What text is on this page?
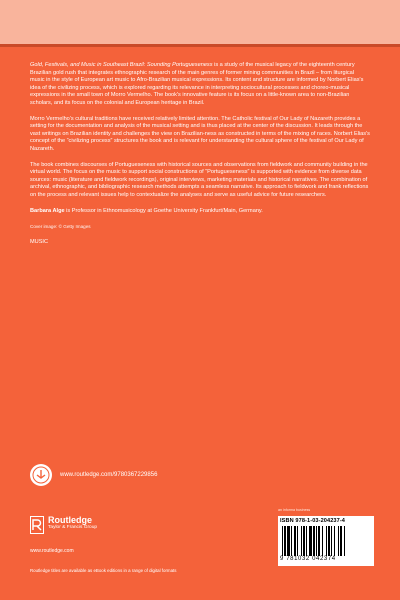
Gold, Festivals, and Music in Southeast Brazil: Sounding Portugueseness is a study of the musical legacy of the eighteenth century Brazilian gold rush that integrates ethnographic research of the main genres of former mining communities in Brazil – from liturgical music in the style of European art music to Afro-Brazilian musical expressions. Its content and structure are informed by Norbert Elias's idea of the civilizing process, which is explored regarding its relevance in interpreting sociocultural processes and choreo-musical expressions in the small town of Morro Vermelho. The book's innovative feature is its focus on a little-known area to non-Brazilian scholars, and its focus on the colonial and European heritage in Brazil.

Morro Vermelho's cultural traditions have received relatively limited attention. The Catholic festival of Our Lady of Nazareth provides a setting for the documentation and analysis of the musical setting and is thus placed at the center of the discussion. It leads through the vast writings on Brazilian identity and challenges the view on Brazilian-ness as constructed in terms of the mixing of races. Norbert Elias's concept of the “civilizing process” structures the book and is relevant for understanding the cultural sphere of the festival of Our Lady of Nazareth.

The book combines discourses of Portugueseness with historical sources and observations from fieldwork and community building in the virtual world. The focus on the music to support social constructions of “Portugueseness” is supported with evidence from diverse data sources: music (literature and fieldwork recordings), original interviews, marketing materials and historical narratives. The combination of archival, ethnographic, and bibliographic research methods attempts a seamless narrative. Its approach to fieldwork and frank reflections on the process and relevant issues help to contextualize the analyses and serve as useful advice for future researchers.

Barbara Alge is Professor in Ethnomusicology at Goethe University Frankfurt/Main, Germany.

Cover image: © Getty Images

MUSIC

www.routledge.com/9780367229856
Routledge
Taylor & Francis Group
www.routledge.com
Routledge titles are available as eBook editions in a range of digital formats
an informa business
ISBN 978-1-03-204237-4
9 781032 042374
